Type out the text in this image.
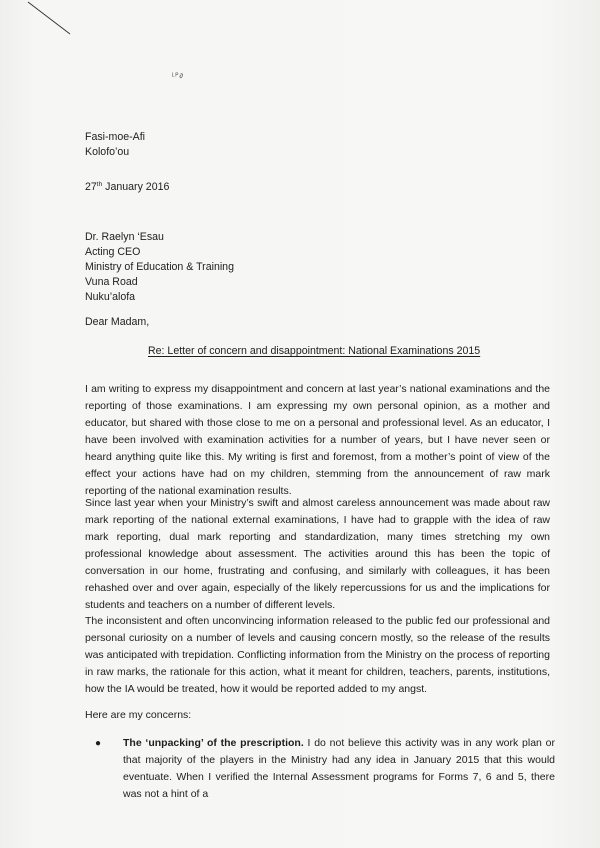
ᴸᴾ∂
Fasi-moe-Afi
Kolofo’ou
27th January 2016
Dr. Raelyn ‘Esau
Acting CEO
Ministry of Education & Training
Vuna Road
Nuku’alofa
Dear Madam,
Re: Letter of concern and disappointment: National Examinations 2015
I am writing to express my disappointment and concern at last year’s national examinations and the reporting of those examinations. I am expressing my own personal opinion, as a mother and educator, but shared with those close to me on a personal and professional level. As an educator, I have been involved with examination activities for a number of years, but I have never seen or heard anything quite like this. My writing is first and foremost, from a mother’s point of view of the effect your actions have had on my children, stemming from the announcement of raw mark reporting of the national examination results.
Since last year when your Ministry’s swift and almost careless announcement was made about raw mark reporting of the national external examinations, I have had to grapple with the idea of raw mark reporting, dual mark reporting and standardization, many times stretching my own professional knowledge about assessment. The activities around this has been the topic of conversation in our home, frustrating and confusing, and similarly with colleagues, it has been rehashed over and over again, especially of the likely repercussions for us and the implications for students and teachers on a number of different levels.
The inconsistent and often unconvincing information released to the public fed our professional and personal curiosity on a number of levels and causing concern mostly, so the release of the results was anticipated with trepidation. Conflicting information from the Ministry on the process of reporting in raw marks, the rationale for this action, what it meant for children, teachers, parents, institutions, how the IA would be treated, how it would be reported added to my angst.
Here are my concerns:
● The ‘unpacking’ of the prescription. I do not believe this activity was in any work plan or that majority of the players in the Ministry had any idea in January 2015 that this would eventuate. When I verified the Internal Assessment programs for Forms 7, 6 and 5, there was not a hint of a
